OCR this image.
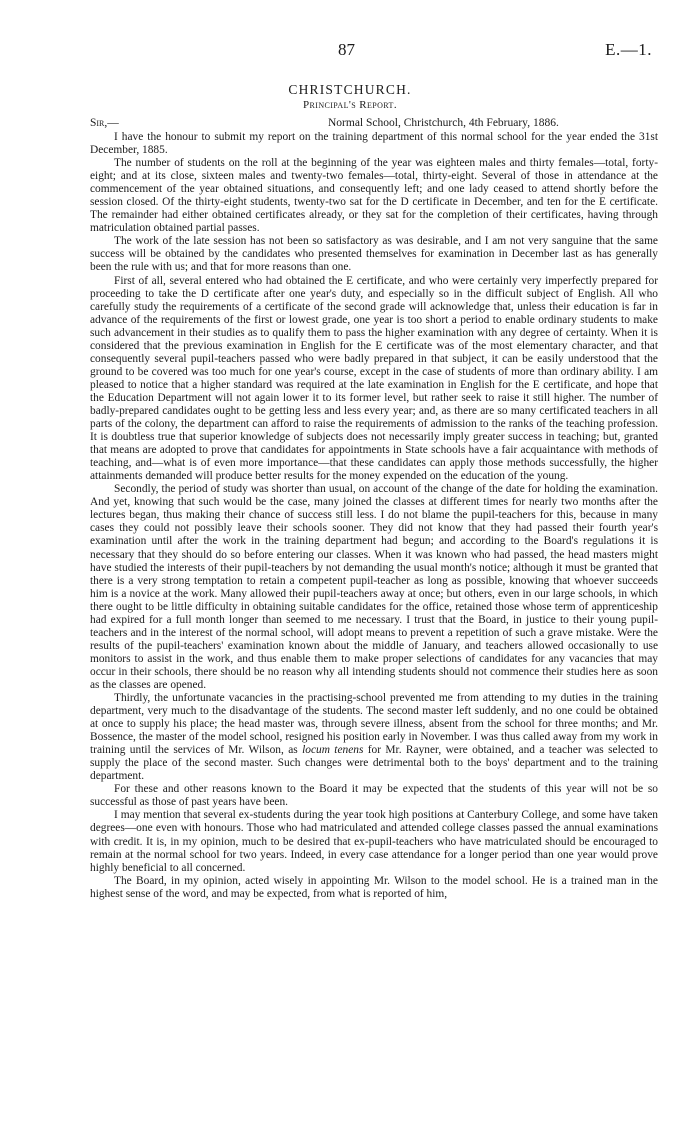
87	E.—1.
CHRISTCHURCH.
Principal's Report.
Sir,—	Normal School, Christchurch, 4th February, 1886.

I have the honour to submit my report on the training department of this normal school for the year ended the 31st December, 1885.

The number of students on the roll at the beginning of the year was eighteen males and thirty females—total, forty-eight; and at its close, sixteen males and twenty-two females—total, thirty-eight. Several of those in attendance at the commencement of the year obtained situations, and consequently left; and one lady ceased to attend shortly before the session closed. Of the thirty-eight students, twenty-two sat for the D certificate in December, and ten for the E certificate. The remainder had either obtained certificates already, or they sat for the completion of their certificates, having through matriculation obtained partial passes.

The work of the late session has not been so satisfactory as was desirable, and I am not very sanguine that the same success will be obtained by the candidates who presented themselves for examination in December last as has generally been the rule with us; and that for more reasons than one.

First of all, several entered who had obtained the E certificate, and who were certainly very imperfectly prepared for proceeding to take the D certificate after one year's duty, and especially so in the difficult subject of English. All who carefully study the requirements of a certificate of the second grade will acknowledge that, unless their education is far in advance of the requirements of the first or lowest grade, one year is too short a period to enable ordinary students to make such advancement in their studies as to qualify them to pass the higher examination with any degree of certainty. When it is considered that the previous examination in English for the E certificate was of the most elementary character, and that consequently several pupil-teachers passed who were badly prepared in that subject, it can be easily understood that the ground to be covered was too much for one year's course, except in the case of students of more than ordinary ability. I am pleased to notice that a higher standard was required at the late examination in English for the E certificate, and hope that the Education Department will not again lower it to its former level, but rather seek to raise it still higher. The number of badly-prepared candidates ought to be getting less and less every year; and, as there are so many certificated teachers in all parts of the colony, the department can afford to raise the requirements of admission to the ranks of the teaching profession. It is doubtless true that superior knowledge of subjects does not necessarily imply greater success in teaching; but, granted that means are adopted to prove that candidates for appointments in State schools have a fair acquaintance with methods of teaching, and—what is of even more importance—that these candidates can apply those methods successfully, the higher attainments demanded will produce better results for the money expended on the education of the young.

Secondly, the period of study was shorter than usual, on account of the change of the date for holding the examination. And yet, knowing that such would be the case, many joined the classes at different times for nearly two months after the lectures began, thus making their chance of success still less. I do not blame the pupil-teachers for this, because in many cases they could not possibly leave their schools sooner. They did not know that they had passed their fourth year's examination until after the work in the training department had begun; and according to the Board's regulations it is necessary that they should do so before entering our classes. When it was known who had passed, the head masters might have studied the interests of their pupil-teachers by not demanding the usual month's notice; although it must be granted that there is a very strong temptation to retain a competent pupil-teacher as long as possible, knowing that whoever succeeds him is a novice at the work. Many allowed their pupil-teachers away at once; but others, even in our large schools, in which there ought to be little difficulty in obtaining suitable candidates for the office, retained those whose term of apprenticeship had expired for a full month longer than seemed to me necessary. I trust that the Board, in justice to their young pupil-teachers and in the interest of the normal school, will adopt means to prevent a repetition of such a grave mistake. Were the results of the pupil-teachers' examination known about the middle of January, and teachers allowed occasionally to use monitors to assist in the work, and thus enable them to make proper selections of candidates for any vacancies that may occur in their schools, there should be no reason why all intending students should not commence their studies here as soon as the classes are opened.

Thirdly, the unfortunate vacancies in the practising-school prevented me from attending to my duties in the training department, very much to the disadvantage of the students. The second master left suddenly, and no one could be obtained at once to supply his place; the head master was, through severe illness, absent from the school for three months; and Mr. Bossence, the master of the model school, resigned his position early in November. I was thus called away from my work in training until the services of Mr. Wilson, as locum tenens for Mr. Rayner, were obtained, and a teacher was selected to supply the place of the second master. Such changes were detrimental both to the boys' department and to the training department.

For these and other reasons known to the Board it may be expected that the students of this year will not be so successful as those of past years have been.

I may mention that several ex-students during the year took high positions at Canterbury College, and some have taken degrees—one even with honours. Those who had matriculated and attended college classes passed the annual examinations with credit. It is, in my opinion, much to be desired that ex-pupil-teachers who have matriculated should be encouraged to remain at the normal school for two years. Indeed, in every case attendance for a longer period than one year would prove highly beneficial to all concerned.

The Board, in my opinion, acted wisely in appointing Mr. Wilson to the model school. He is a trained man in the highest sense of the word, and may be expected, from what is reported of him,
